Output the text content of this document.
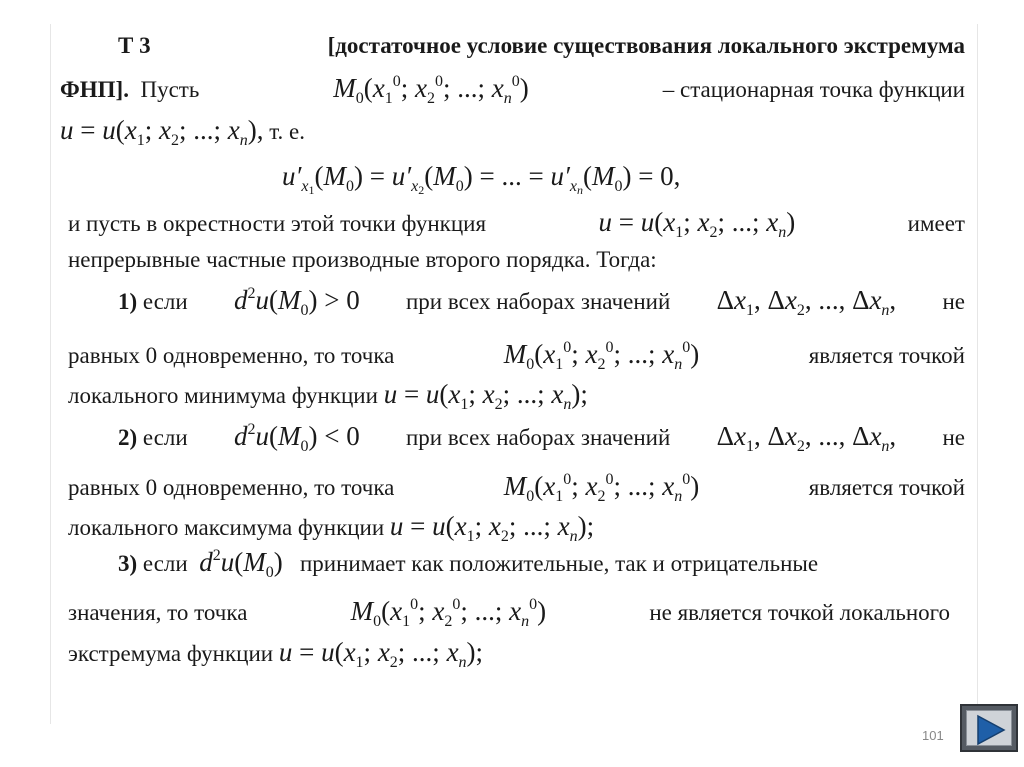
Т 3	[достаточное условие существования локального экстремума
ФНП]. Пусть	$M_0(x_1^0$; $x_2^0$; ...; $x_n^0$)	– стационарная точка функции
$u = u(x_1$; $x_2$; ...; $x_n$), т. е.
$u'_{x_1}(M_0) = u'_{x_2}(M_0)$ = ... = $u'_{x_n}(M_0) = 0$,
и пусть в окрестности этой точки функция	$u = u(x_1$; $x_2$; ...; $x_n$)	имеет
непрерывные частные производные второго порядка. Тогда:
1) если $d^2u(M_0) > 0$ при всех наборах значений $\Delta x_1$, $\Delta x_2$, ..., $\Delta x_n$, не
равных 0 одновременно, то точка	$M_0(x_1^0$; $x_2^0$; ...; $x_n^0$)	является точкой
локального минимума функции $u = u(x_1$; $x_2$; ...; $x_n$);
2) если $d^2u(M_0) < 0$ при всех наборах значений $\Delta x_1$, $\Delta x_2$, ..., $\Delta x_n$, не
равных 0 одновременно, то точка	$M_0(x_1^0$; $x_2^0$; ...; $x_n^0$)	является точкой
локального максимума функции $u = u(x_1$; $x_2$; ...; $x_n$);
3) если $d^2u(M_0)$ принимает как положительные, так и отрицательные
значения, то точка	$M_0(x_1^0$; $x_2^0$; ...; $x_n^0$)	не является точкой локального
экстремума функции $u = u(x_1$; $x_2$; ...; $x_n$);
101
